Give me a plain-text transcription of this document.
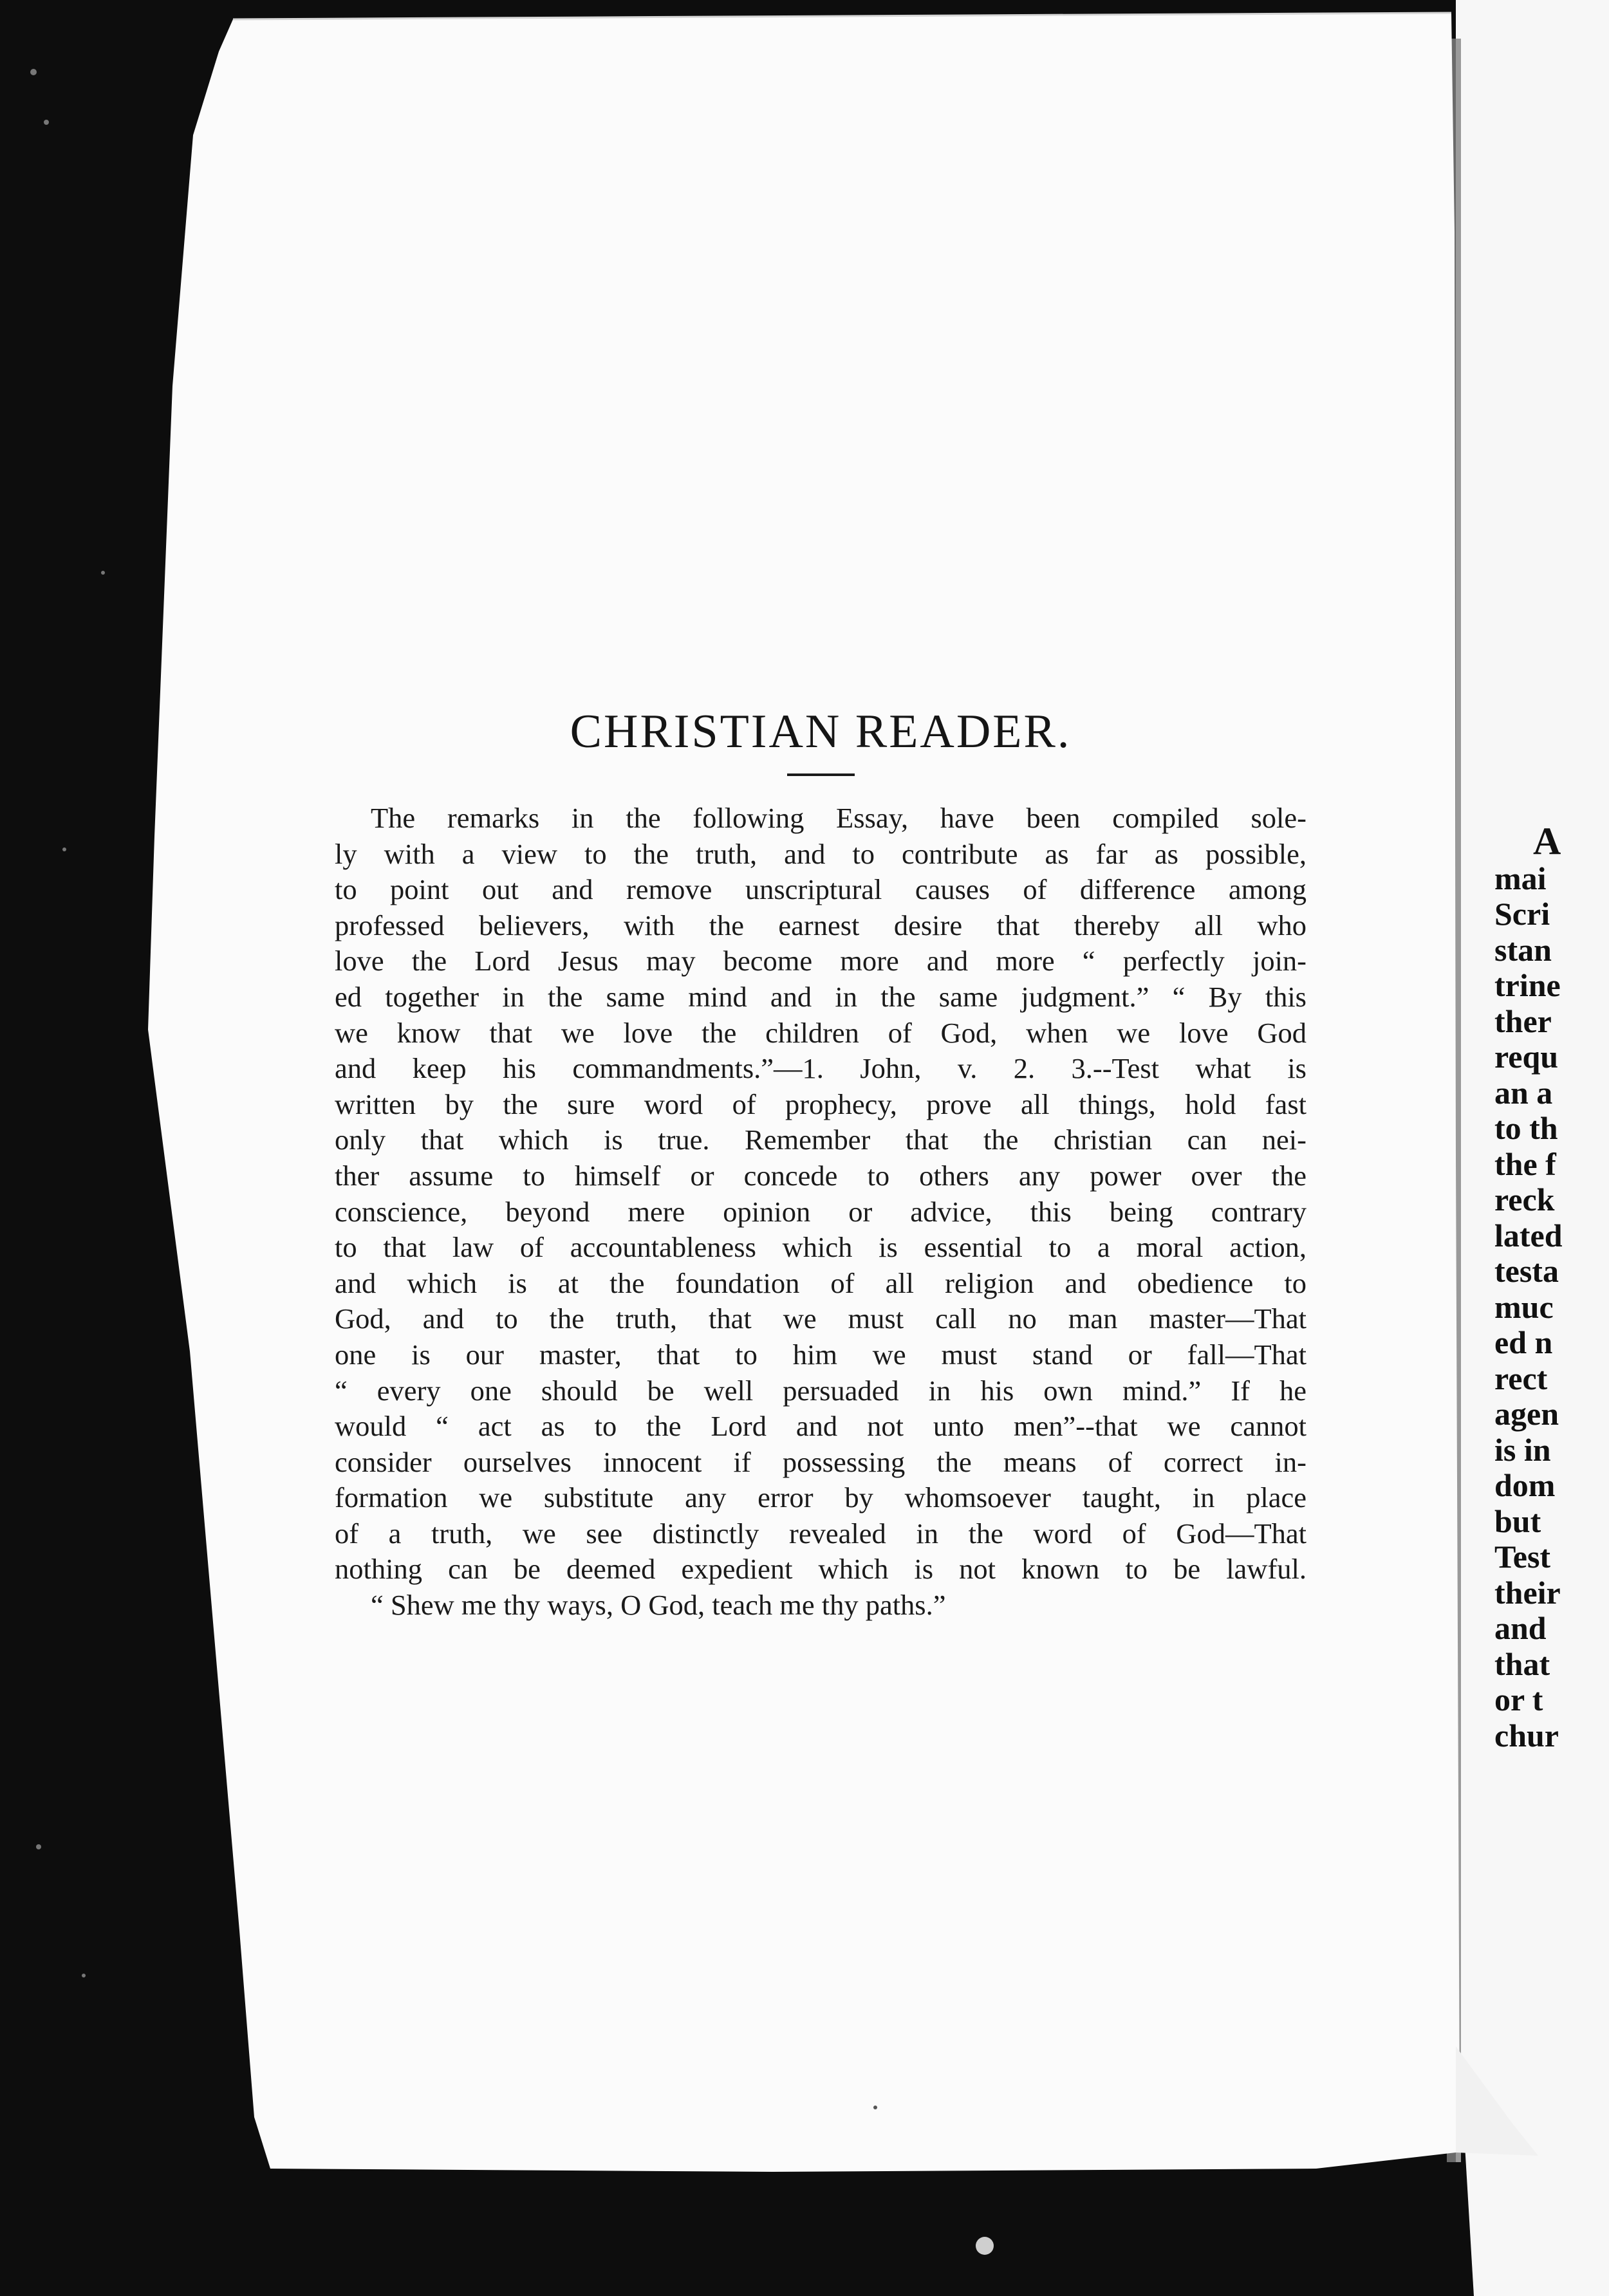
CHRISTIAN READER.
The remarks in the following Essay, have been compiled sole-
ly with a view to the truth, and to contribute as far as possible,
to point out and remove unscriptural causes of difference among
professed believers, with the earnest desire that thereby all who
love the Lord Jesus may become more and more “ perfectly join-
ed together in the same mind and in the same judgment.” “ By this
we know that we love the children of God, when we love God
and keep his commandments.”—1. John, v. 2. 3.--Test what is
written by the sure word of prophecy, prove all things, hold fast
only that which is true. Remember that the christian can nei-
ther assume to himself or concede to others any power over the
conscience, beyond mere opinion or advice, this being contrary
to that law of accountableness which is essential to a moral action,
and which is at the foundation of all religion and obedience to
God, and to the truth, that we must call no man master—That
one is our master, that to him we must stand or fall—That
“ every one should be well persuaded in his own mind.” If he
would “ act as to the Lord and not unto men”--that we cannot
consider ourselves innocent if possessing the means of correct in-
formation we substitute any error by whomsoever taught, in place
of a truth, we see distinctly revealed in the word of God—That
nothing can be deemed expedient which is not known to be lawful.
“ Shew me thy ways, O God, teach me thy paths.”
A
mai
Scri
stan
trine
ther
requ
an a
to th
the f
reck
lated
testa
muc
ed n
rect
agen
is in
dom
but
Test
their
and
that
or t
chur
